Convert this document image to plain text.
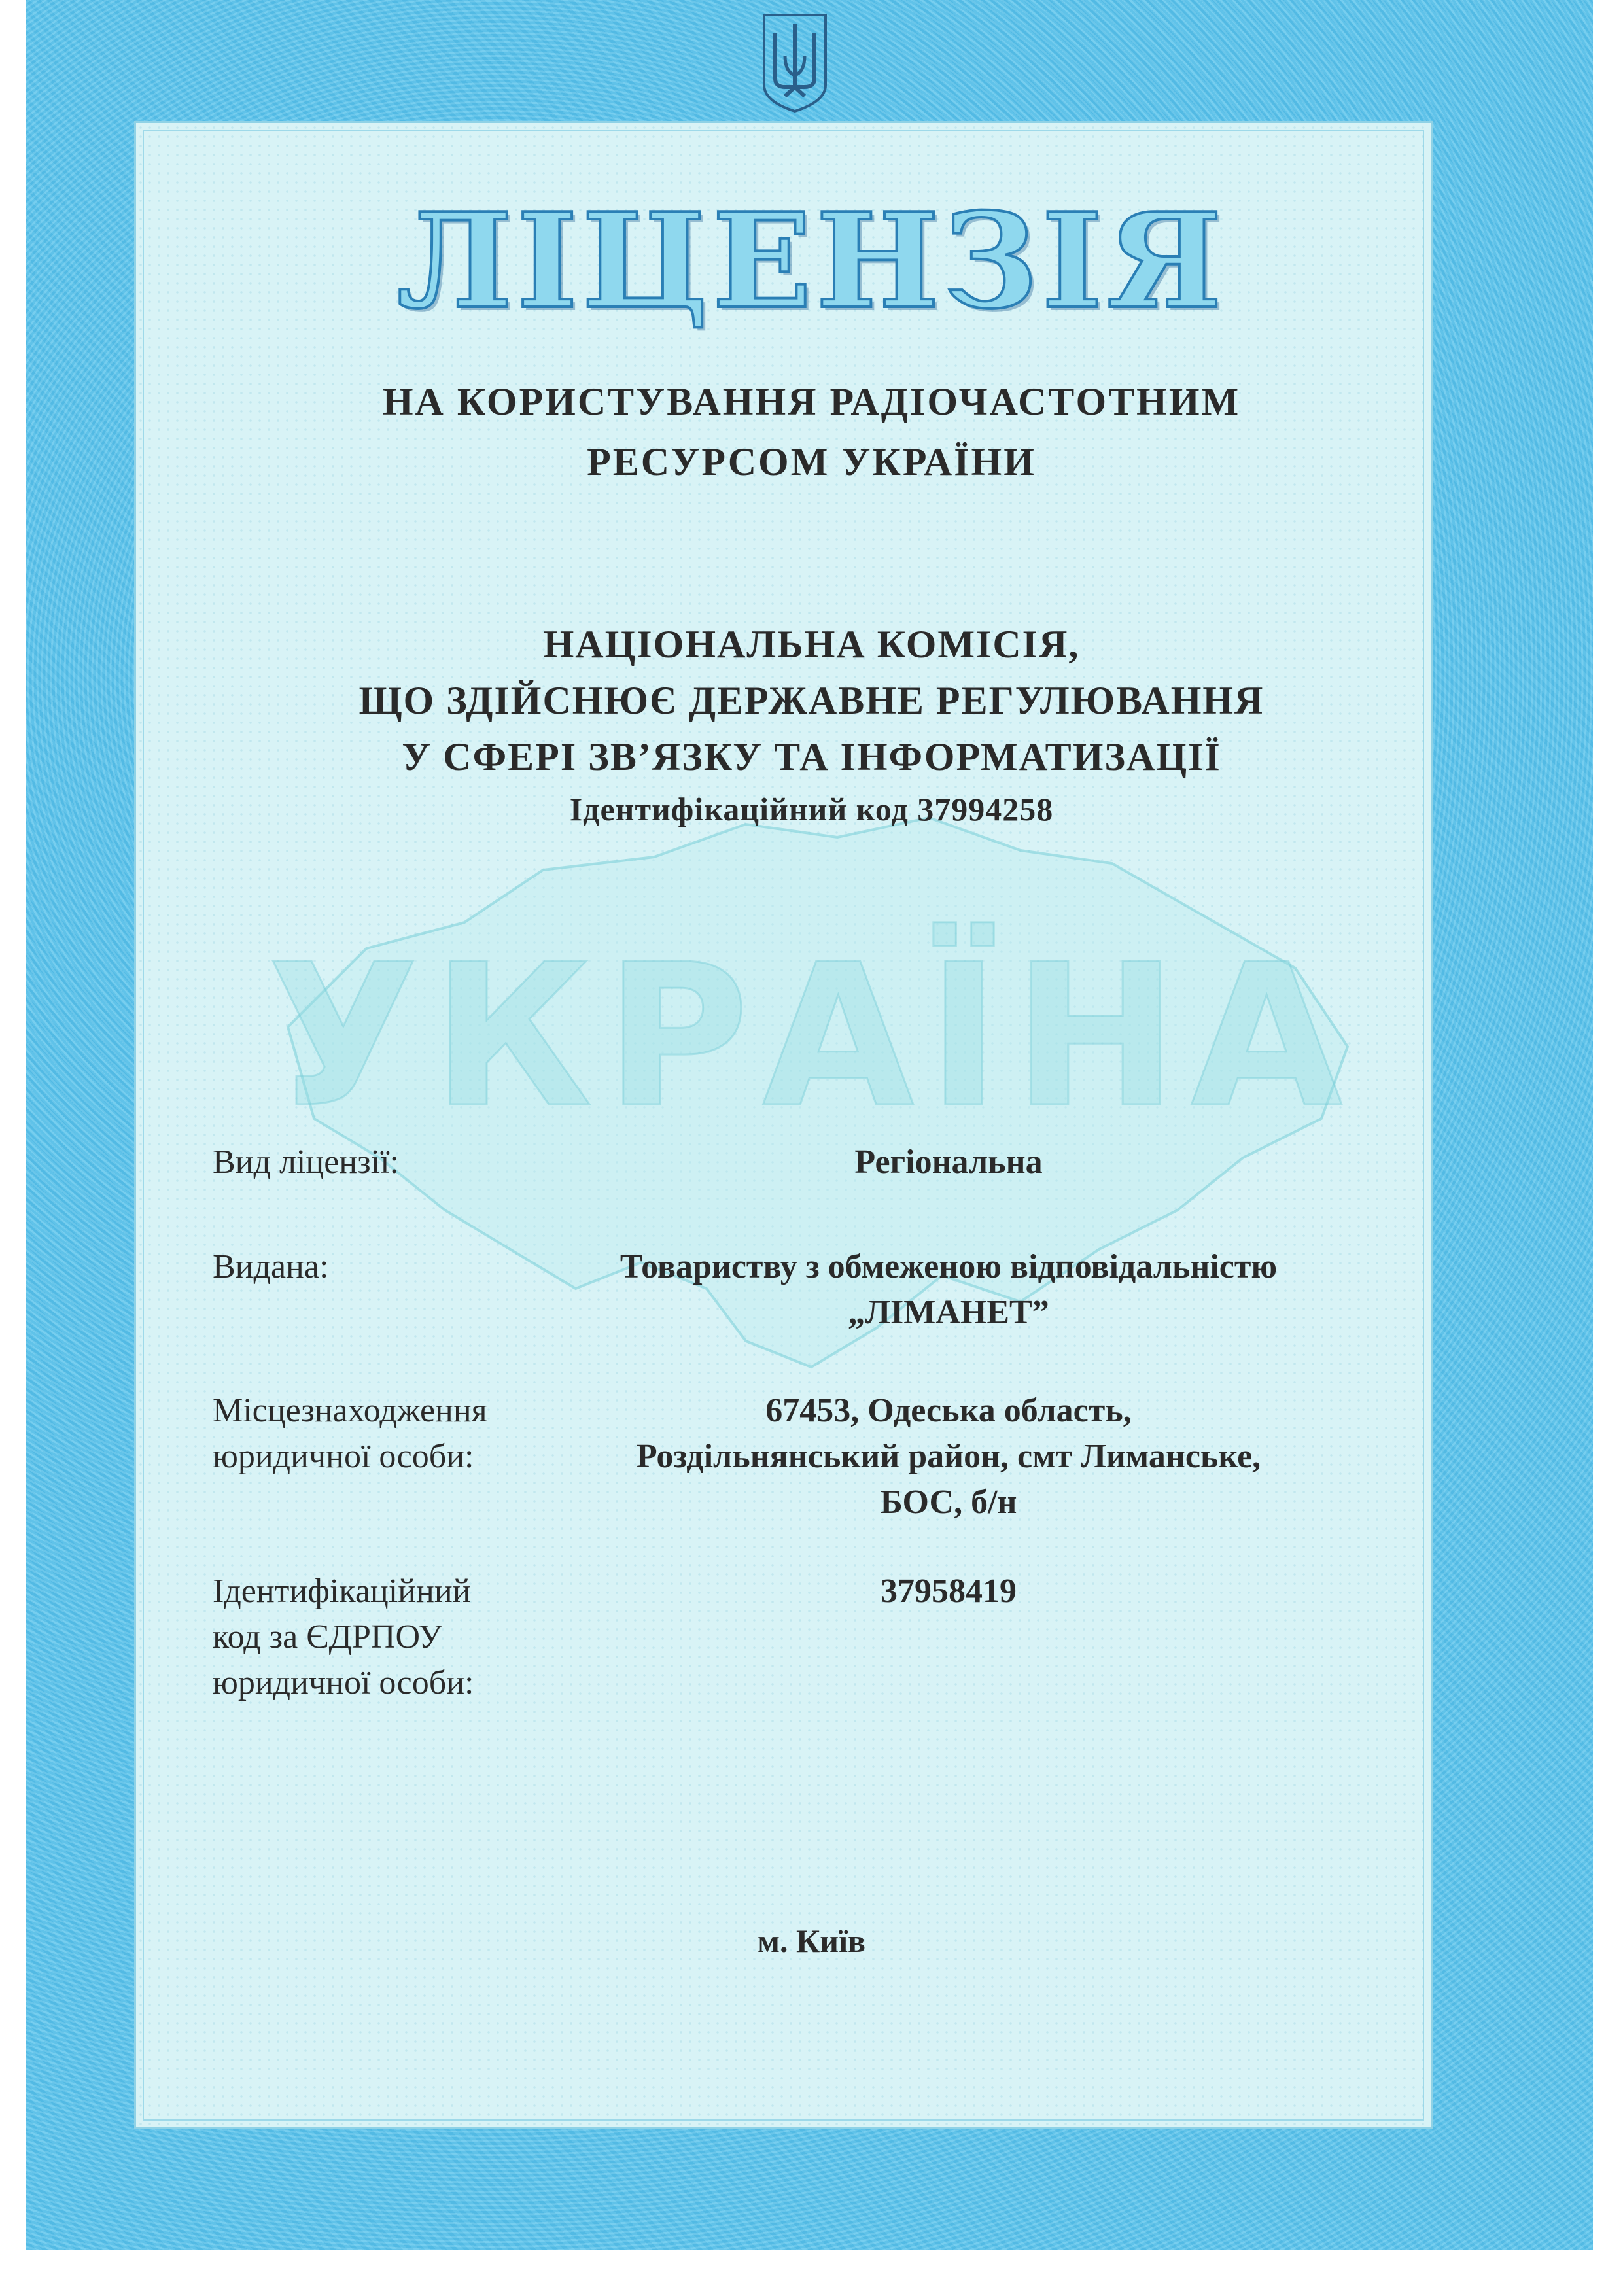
УКРАЇНА
ЛІЦЕНЗІЯ
НА КОРИСТУВАННЯ РАДІОЧАСТОТНИМ
РЕСУРСОМ УКРАЇНИ
НАЦІОНАЛЬНА КОМІСІЯ,
ЩО ЗДІЙСНЮЄ ДЕРЖАВНЕ РЕГУЛЮВАННЯ
У СФЕРІ ЗВ’ЯЗКУ ТА ІНФОРМАТИЗАЦІЇ
Ідентифікаційний код 37994258
Вид ліцензії:	Регіональна
Видана:	Товариству з обмеженою відповідальністю
„ЛІМАНЕТ”
Місцезнаходження
юридичної особи:
67453, Одеська область,
Роздільнянський район, смт Лиманське,
БОС, б/н
Ідентифікаційний
код за ЄДРПОУ
юридичної особи:
37958419
м. Київ
